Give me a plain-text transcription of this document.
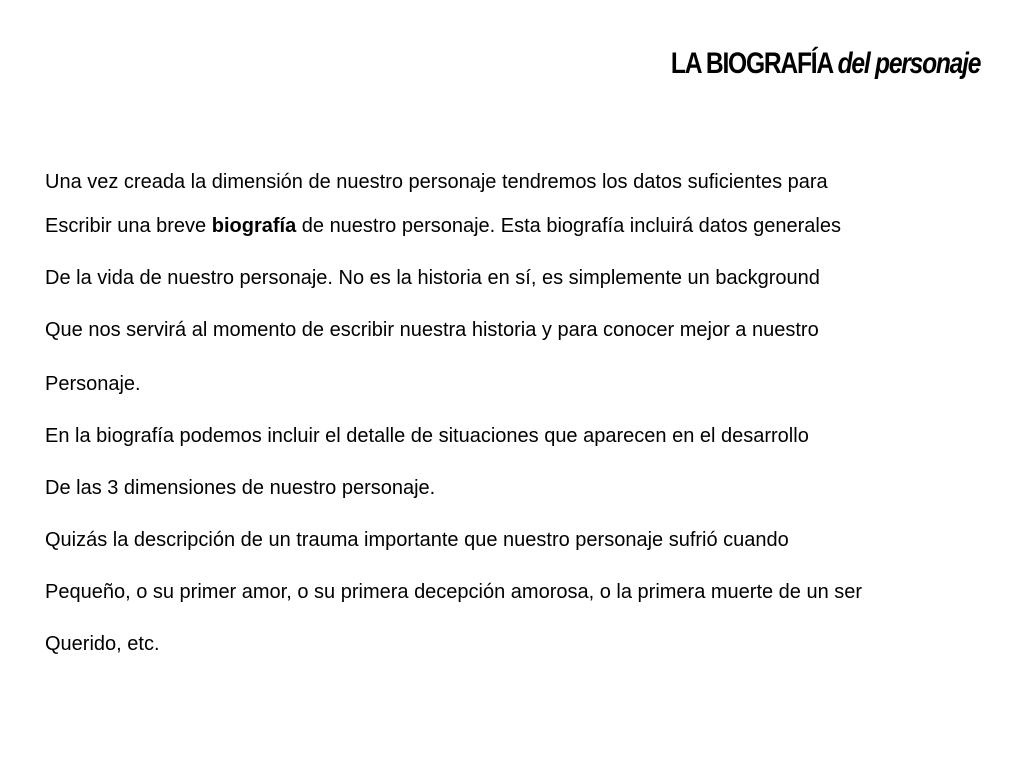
LA BIOGRAFÍA del personaje
Una vez creada la dimensión de nuestro personaje tendremos los datos suficientes para
Escribir una breve biografía de nuestro personaje. Esta biografía incluirá datos generales
De la vida de nuestro personaje. No es la historia en sí, es simplemente un background
Que nos servirá al momento de escribir nuestra historia y para conocer mejor a nuestro
Personaje.
En la biografía podemos incluir el detalle de situaciones que aparecen en el desarrollo
De las 3 dimensiones de nuestro personaje.
Quizás la descripción de un trauma importante que nuestro personaje sufrió cuando
Pequeño, o su primer amor, o su primera decepción amorosa, o la primera muerte de un ser
Querido, etc.
